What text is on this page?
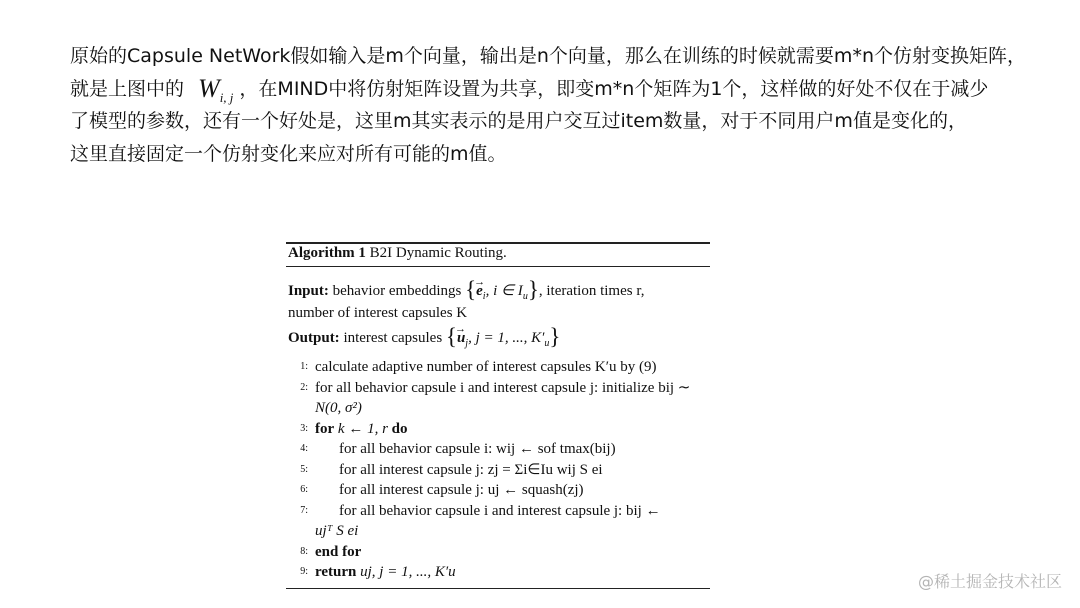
原始的Capsule NetWork假如输入是m个向量，输出是n个向量，那么在训练的时候就需要m*n个仿射变换矩阵，
就是上图中的 $W_{i, j}$ ，在MIND中将仿射矩阵设置为共享，即变m*n个矩阵为1个，这样做的好处不仅在于减少
了模型的参数，还有一个好处是，这里m其实表示的是用户交互过item数量，对于不同用户m值是变化的，
这里直接固定一个仿射变化来应对所有可能的m值。
Algorithm 1 B2I Dynamic Routing.
Input: behavior embeddings {→ $e_i$, i ∈ $I_u$}, iteration times r,
number of interest capsules K
Output: interest capsules {→ $u_j$, j = 1, ..., $K'_u$}
1: calculate adaptive number of interest capsules K′u by (9)
2: for all behavior capsule i and interest capsule j: initialize bij ∼
N(0, σ²)
3: for k ← 1, r do
4: for all behavior capsule i: wij ← sof tmax(bij)
5: for all interest capsule j: zj = Σi∈Iu wij S ei
6: for all interest capsule j: uj ← squash(zj)
7: for all behavior capsule i and interest capsule j: bij ←
ujᵀ S ei
8: end for
9: return uj, j = 1, ..., K′u	@稀土掘金技术社区
